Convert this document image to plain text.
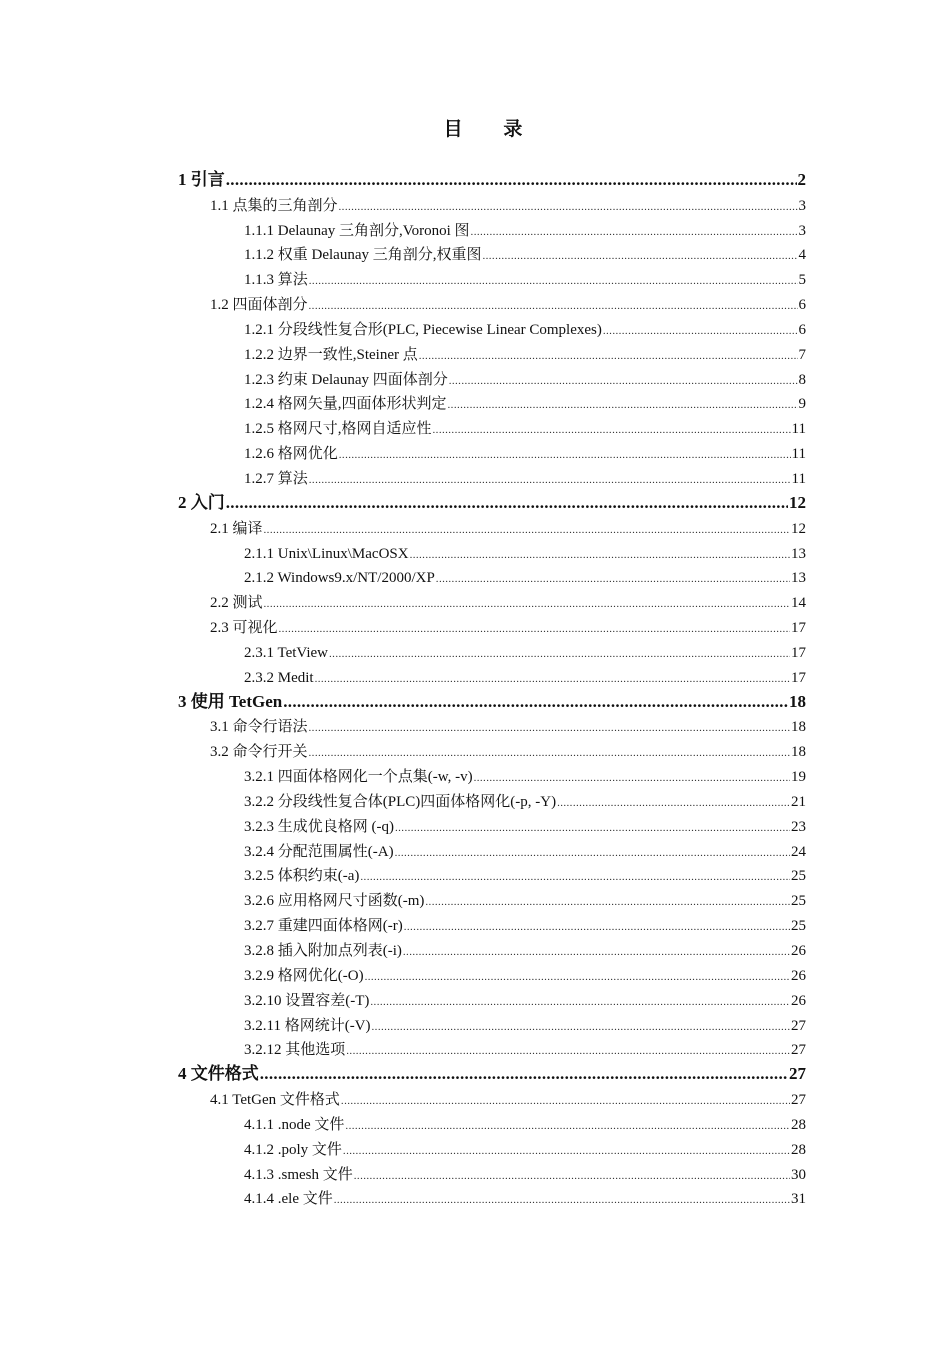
目 录
1 引言 .....	2
1.1 点集的三角剖分 .....	3
1.1.1 Delaunay 三角剖分,Voronoi 图 .....	3
1.1.2 权重 Delaunay 三角剖分,权重图 .....	4
1.1.3 算法 .....	5
1.2 四面体剖分 .....	6
1.2.1 分段线性复合形(PLC, Piecewise Linear Complexes) .....	6
1.2.2 边界一致性,Steiner 点 .....	7
1.2.3 约束 Delaunay 四面体剖分 .....	8
1.2.4 格网矢量,四面体形状判定 .....	9
1.2.5 格网尺寸,格网自适应性 .....	11
1.2.6 格网优化 .....	11
1.2.7 算法 .....	11
2 入门 .....	12
2.1 编译 .....	12
2.1.1 Unix\Linux\MacOSX .....	13
2.1.2 Windows9.x/NT/2000/XP .....	13
2.2 测试 .....	14
2.3 可视化 .....	17
2.3.1 TetView .....	17
2.3.2 Medit .....	17
3 使用 TetGen .....	18
3.1 命令行语法 .....	18
3.2 命令行开关 .....	18
3.2.1 四面体格网化一个点集(-w, -v) .....	19
3.2.2 分段线性复合体(PLC)四面体格网化(-p, -Y) .....	21
3.2.3 生成优良格网 (-q) .....	23
3.2.4 分配范围属性(-A) .....	24
3.2.5 体积约束(-a) .....	25
3.2.6 应用格网尺寸函数(-m) .....	25
3.2.7 重建四面体格网(-r) .....	25
3.2.8 插入附加点列表(-i) .....	26
3.2.9 格网优化(-O) .....	26
3.2.10 设置容差(-T) .....	26
3.2.11 格网统计(-V) .....	27
3.2.12 其他选项 .....	27
4 文件格式 .....	27
4.1 TetGen 文件格式 .....	27
4.1.1 .node 文件 .....	28
4.1.2 .poly 文件 .....	28
4.1.3 .smesh 文件 .....	30
4.1.4 .ele 文件 .....	31
